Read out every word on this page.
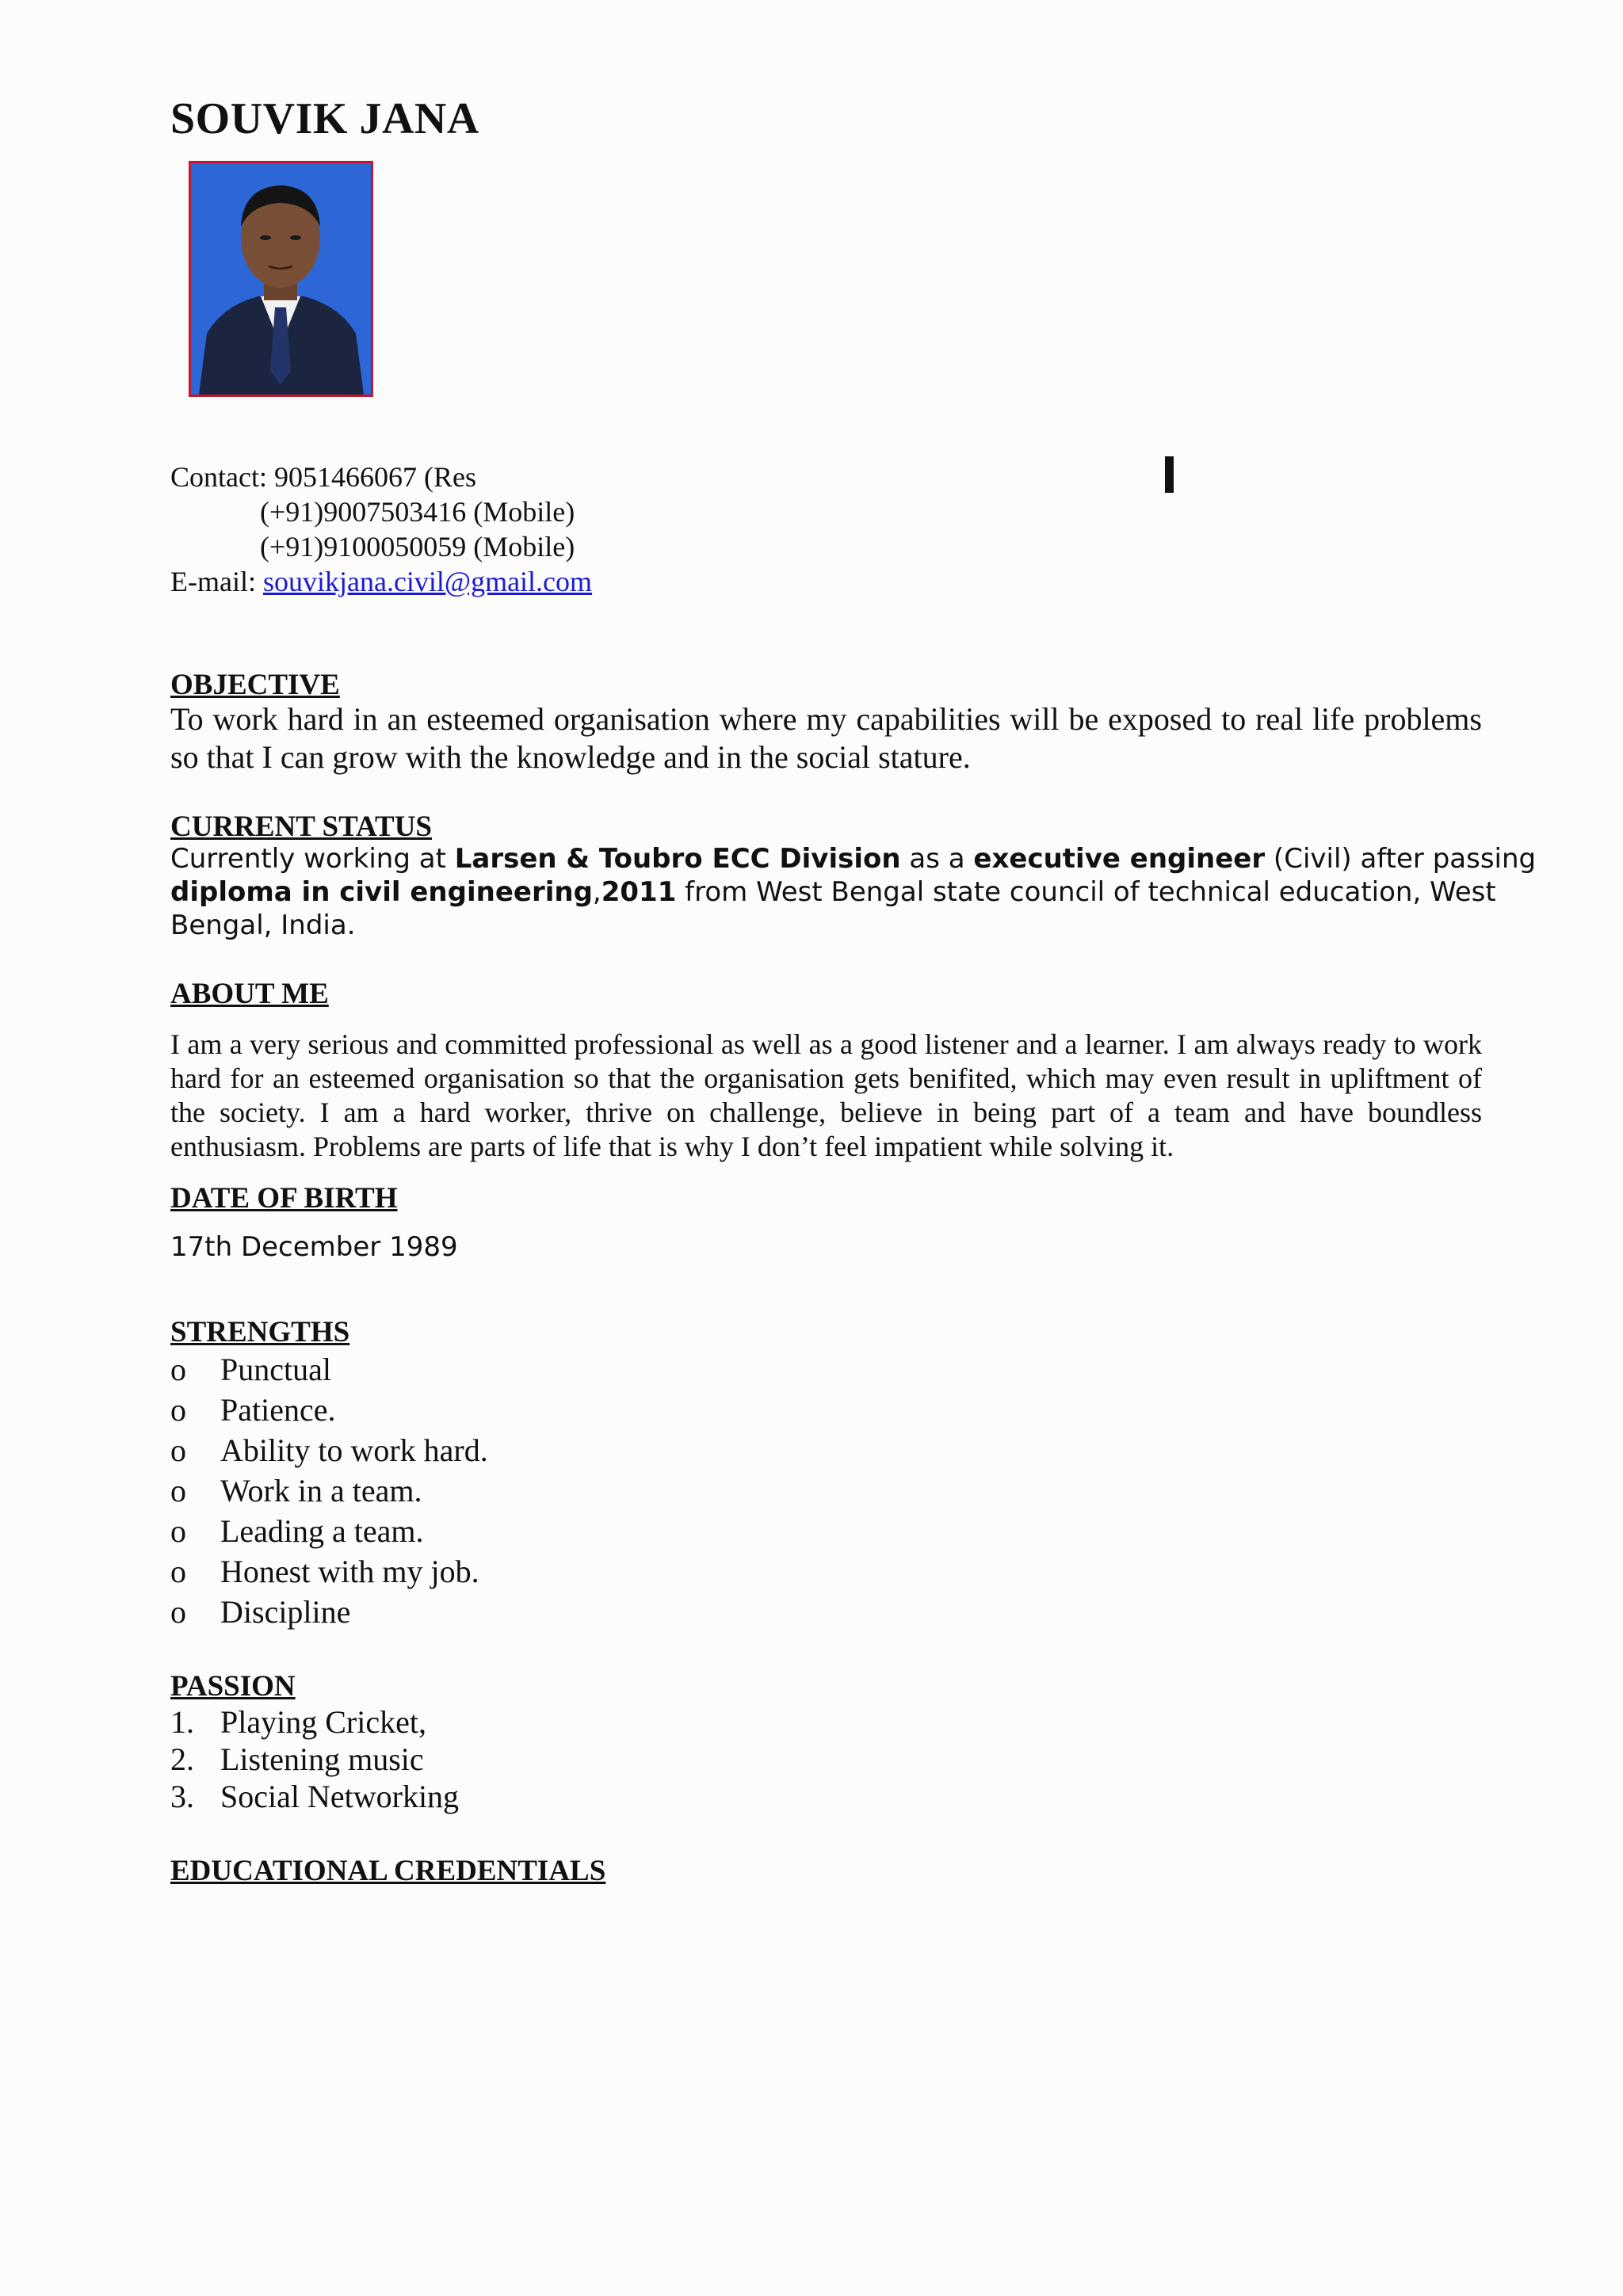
SOUVIK JANA
Contact: 9051466067 (Res
(+91)9007503416 (Mobile)
(+91)9100050059 (Mobile)
E-mail: souvikjana.civil@gmail.com
OBJECTIVE
To work hard in an esteemed organisation where my capabilities will be exposed to real life problems so that I can grow with the knowledge and in the social stature.
CURRENT STATUS
Currently working at Larsen & Toubro ECC Division as a executive engineer (Civil) after passing diploma in civil engineering,2011 from West Bengal state council of technical education, West Bengal, India.
ABOUT ME
I am a very serious and committed professional as well as a good listener and a learner. I am always ready to work hard for an esteemed organisation so that the organisation gets benifited, which may even result in upliftment of the society. I am a hard worker, thrive on challenge, believe in being part of a team and have boundless enthusiasm. Problems are parts of life that is why I don’t feel impatient while solving it.
DATE OF BIRTH
17th December 1989
STRENGTHS
o	Punctual
o	Patience.
o	Ability to work hard.
o	Work in a team.
o	Leading a team.
o	Honest with my job.
o	Discipline
PASSION
1. Playing Cricket,
2. Listening music
3. Social Networking
EDUCATIONAL CREDENTIALS
